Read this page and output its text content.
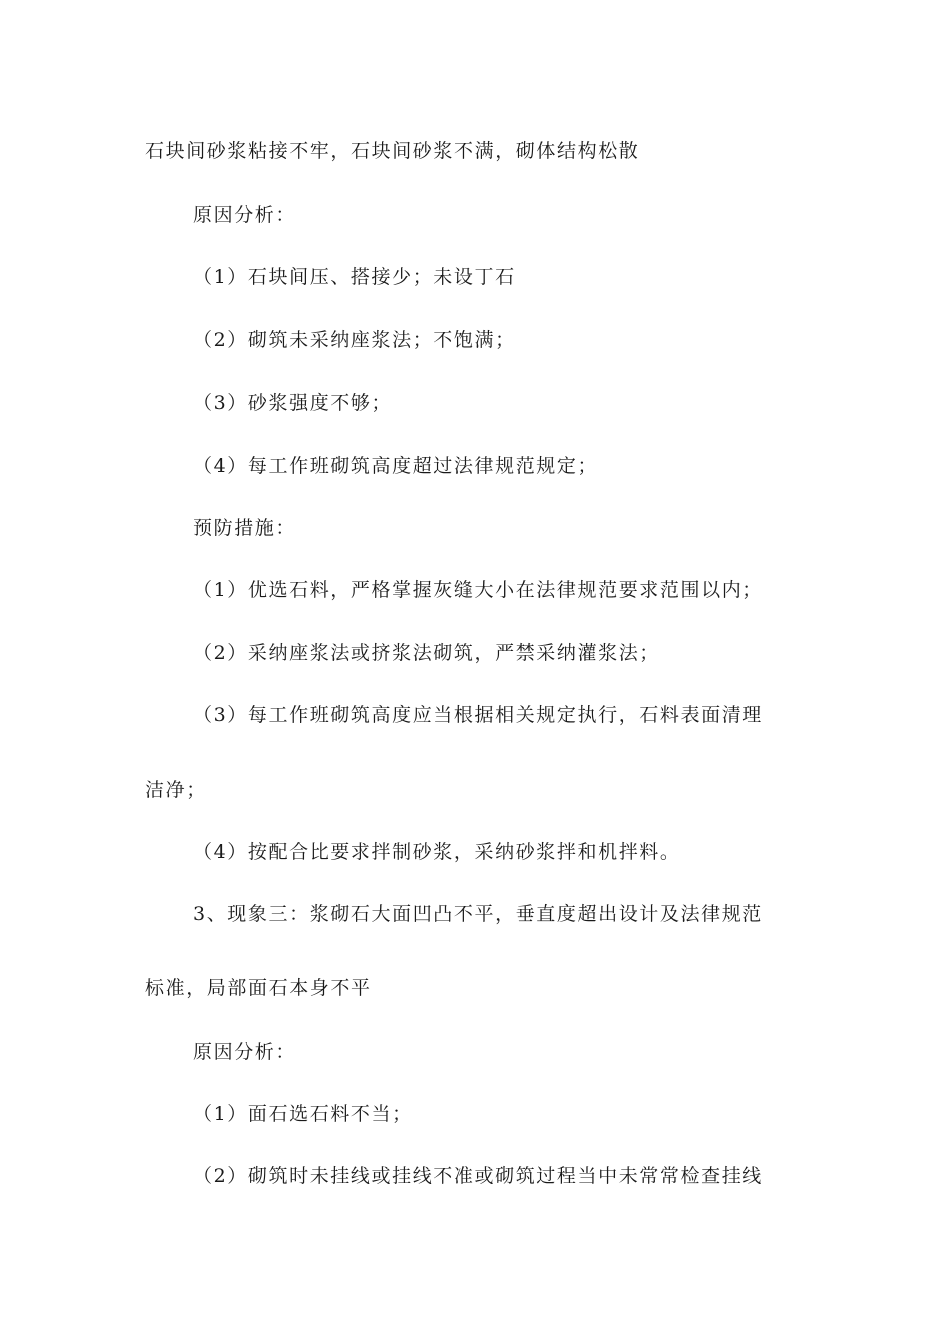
石块间砂浆粘接不牢，石块间砂浆不满，砌体结构松散
原因分析：
（1）石块间压、搭接少；未设丁石
（2）砌筑未采纳座浆法；不饱满；
（3）砂浆强度不够；
（4）每工作班砌筑高度超过法律规范规定；
预防措施：
（1）优选石料，严格掌握灰缝大小在法律规范要求范围以内；
（2）采纳座浆法或挤浆法砌筑，严禁采纳灌浆法；
（3）每工作班砌筑高度应当根据相关规定执行，石料表面清理
洁净；
（4）按配合比要求拌制砂浆，采纳砂浆拌和机拌料。
3、现象三：浆砌石大面凹凸不平，垂直度超出设计及法律规范
标准，局部面石本身不平
原因分析：
（1）面石选石料不当；
（2）砌筑时未挂线或挂线不准或砌筑过程当中未常常检查挂线
